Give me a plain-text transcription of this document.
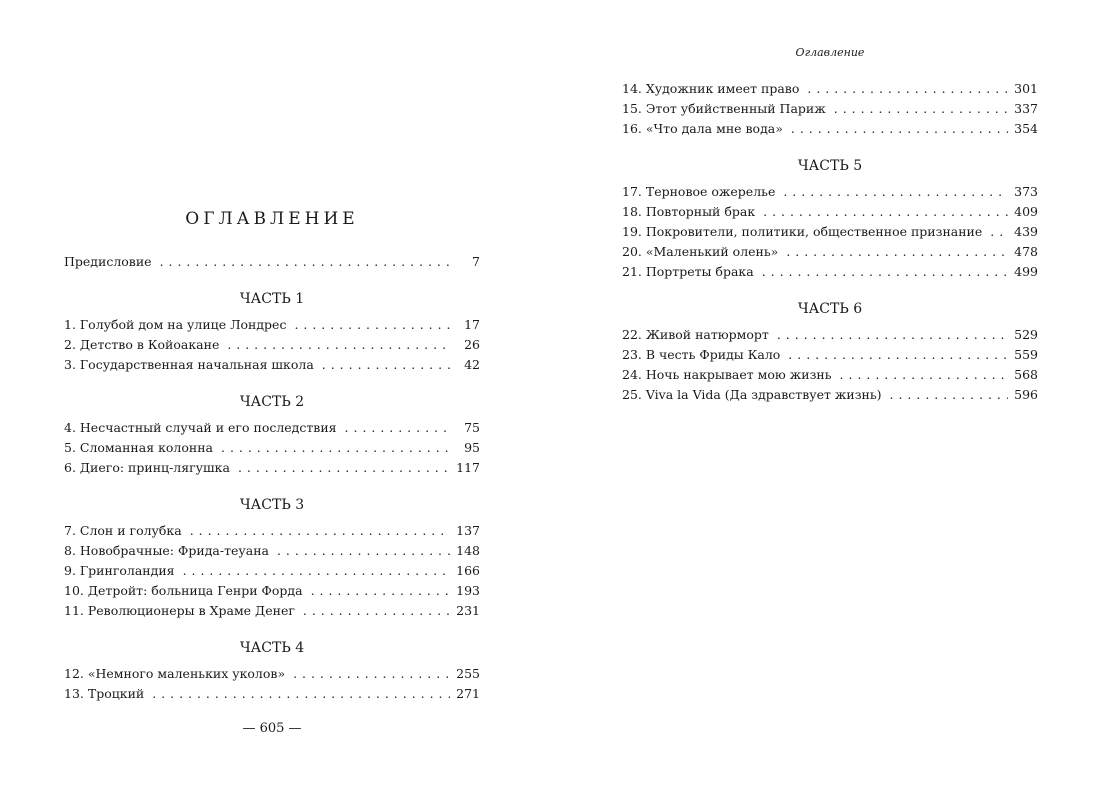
ОГЛАВЛЕНИЕ
Предисловие . . .	7
ЧАСТЬ 1
1. Голубой дом на улице Лондрес . . .	17
2. Детство в Койоакане . . .	26
3. Государственная начальная школа . . .	42
ЧАСТЬ 2
4. Несчастный случай и его последствия . . .	75
5. Сломанная колонна . . .	95
6. Диего: принц-лягушка . . .	117
ЧАСТЬ 3
7. Слон и голубка . . .	137
8. Новобрачные: Фрида-теуана . . .	148
9. Гринголандия . . .	166
10. Детройт: больница Генри Форда . . .	193
11. Революционеры в Храме Денег . . .	231
ЧАСТЬ 4
12. «Немного маленьких уколов» . . .	255
13. Троцкий . . .	271
— 605 —
Оглавление
14. Художник имеет право . . .	301
15. Этот убийственный Париж . . .	337
16. «Что дала мне вода» . . .	354
ЧАСТЬ 5
17. Терновое ожерелье . . .	373
18. Повторный брак . . .	409
19. Покровители, политики, общественное признание . . .	439
20. «Маленький олень» . . .	478
21. Портреты брака . . .	499
ЧАСТЬ 6
22. Живой натюрморт . . .	529
23. В честь Фриды Кало . . .	559
24. Ночь накрывает мою жизнь . . .	568
25. Viva la Vida (Да здравствует жизнь) . . .	596
